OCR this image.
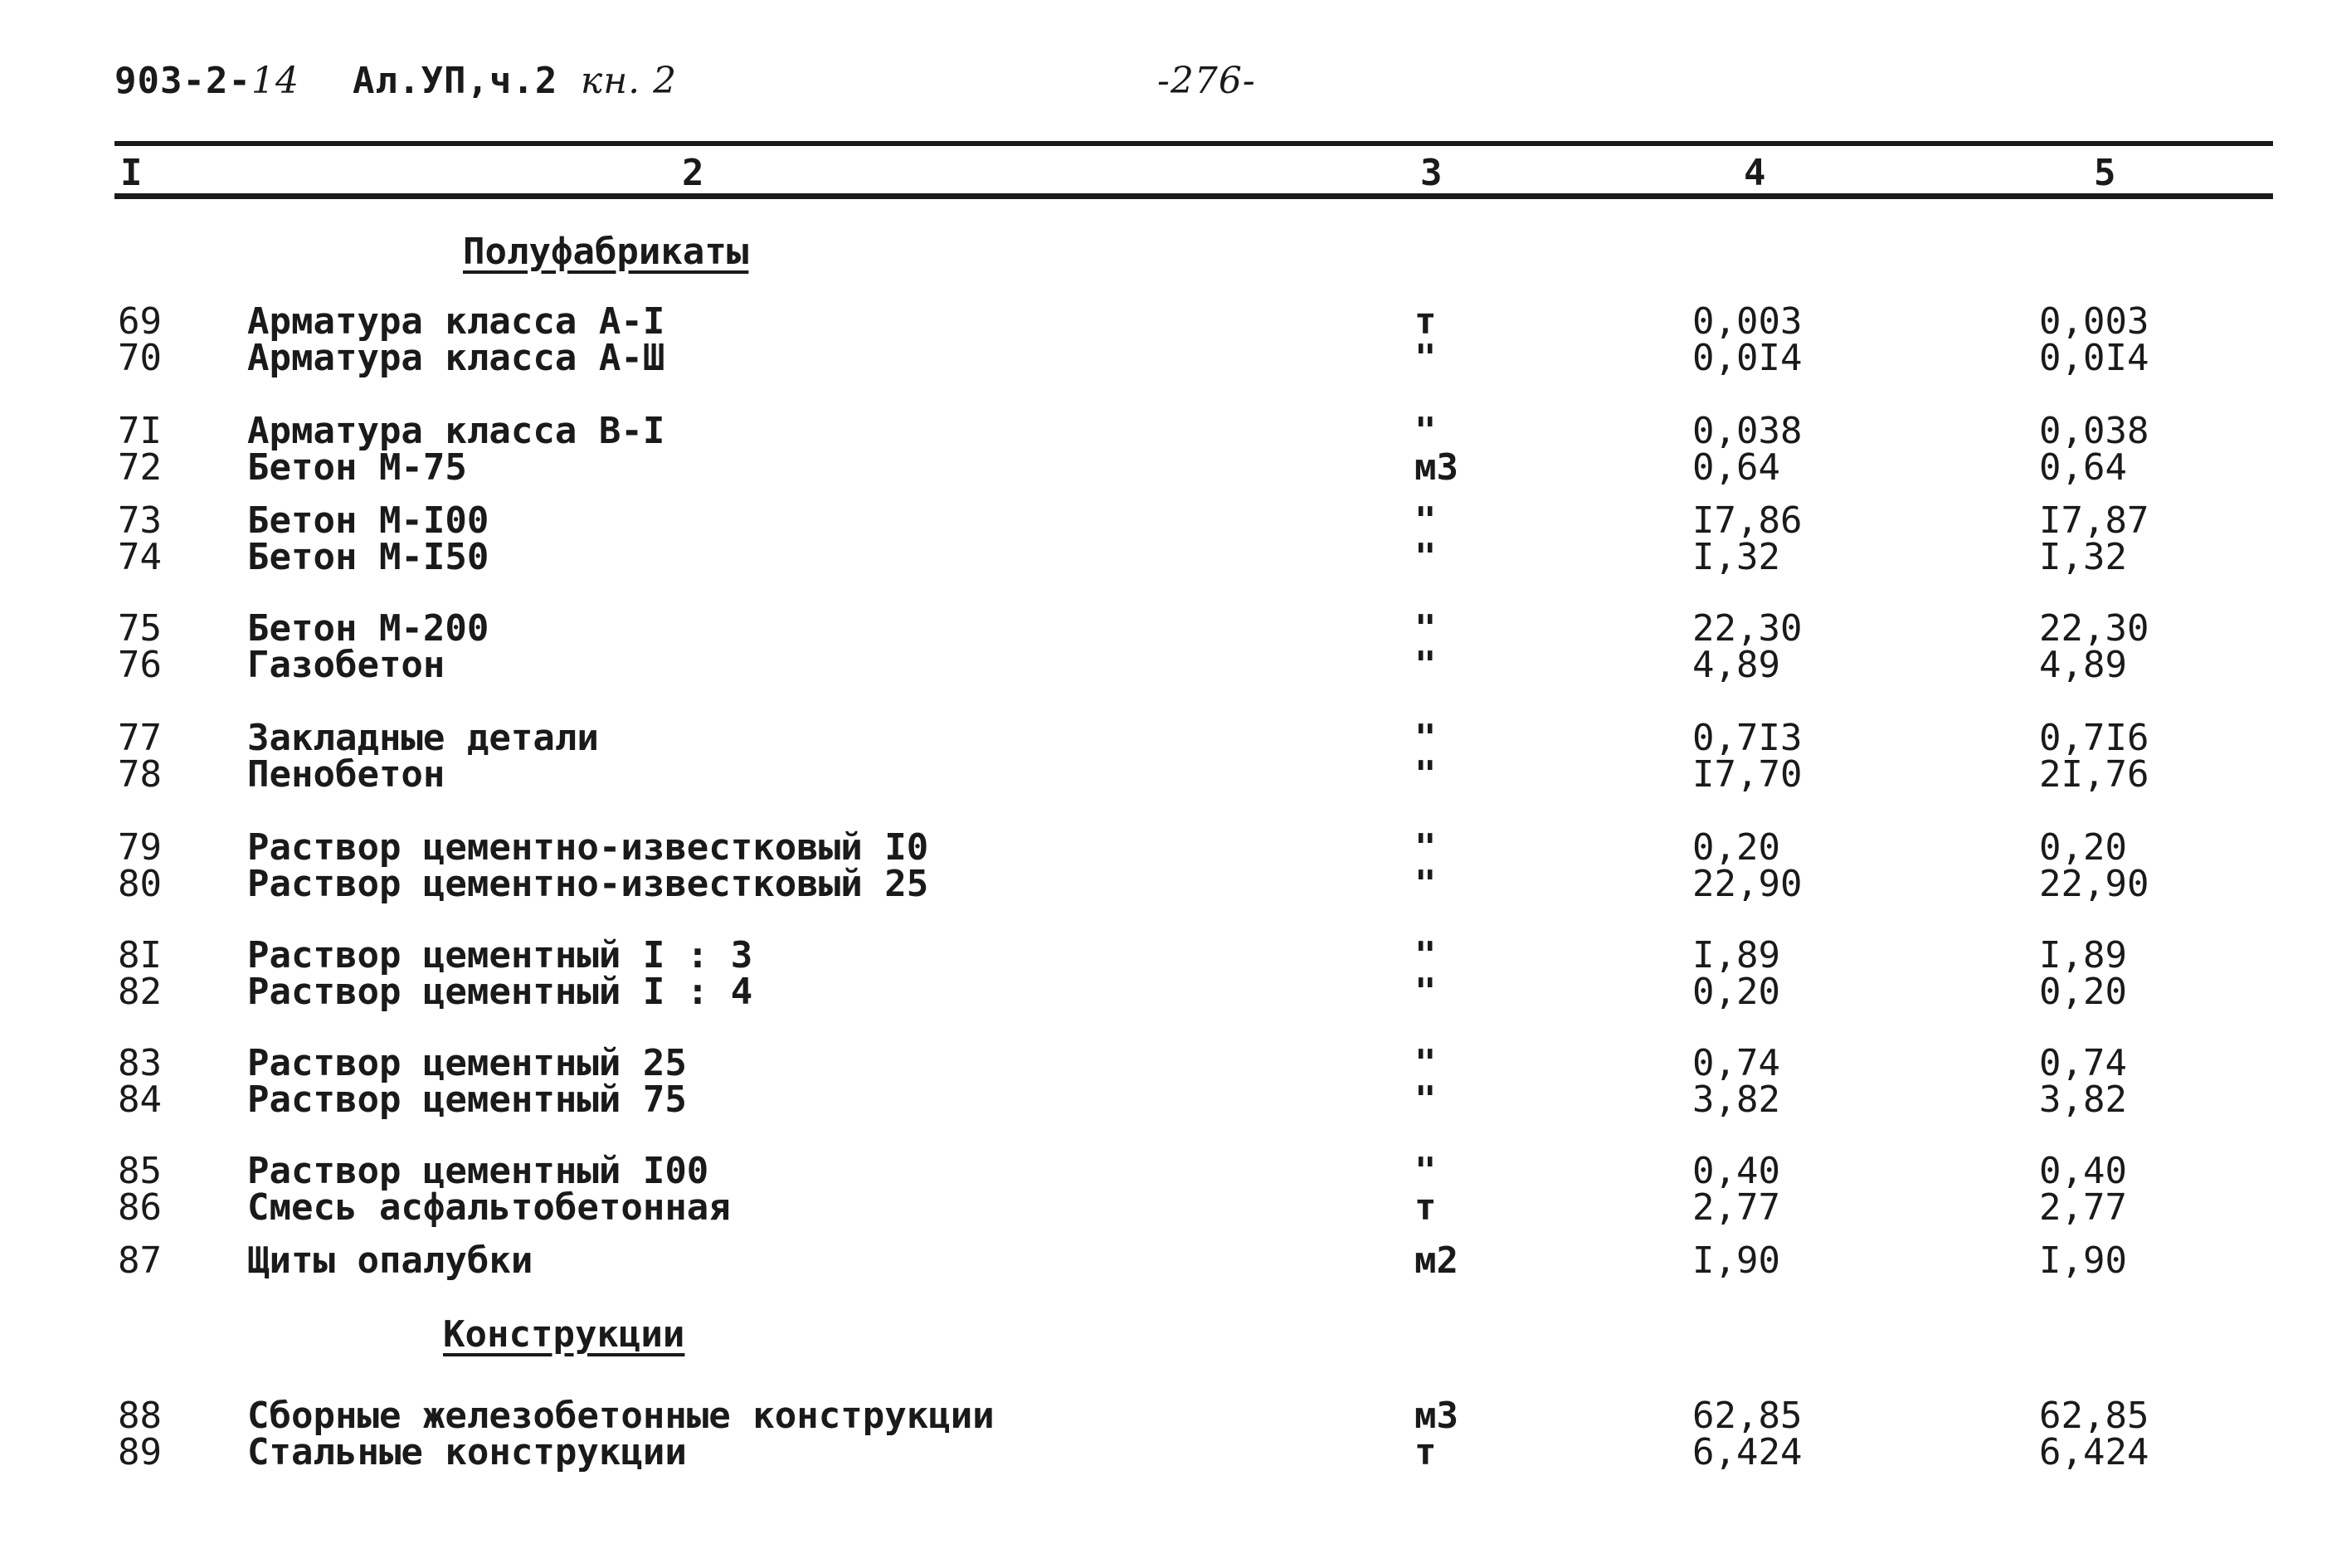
903-2-14 Ал.УП,ч.2 кн. 2	-276-
I	2	3	4	5
Полуфабрикаты
Конструкции
69 Арматура класса А-I	т	0,003	0,003
70 Арматура класса А-Ш	"	0,0I4	0,0I4
7I Арматура класса В-I	"	0,038	0,038
72 Бетон М-75	м3	0,64	0,64
73 Бетон М-I00	"	I7,86	I7,87
74 Бетон М-I50	"	I,32	I,32
75 Бетон М-200	"	22,30	22,30
76 Газобетон	"	4,89	4,89
77 Закладные детали	"	0,7I3	0,7I6
78 Пенобетон	"	I7,70	2I,76
79 Раствор цементно-известковый I0	"	0,20	0,20
80 Раствор цементно-известковый 25	"	22,90	22,90
8I Раствор цементный I : 3	"	I,89	I,89
82 Раствор цементный I : 4	"	0,20	0,20
83 Раствор цементный 25	"	0,74	0,74
84 Раствор цементный 75	"	3,82	3,82
85 Раствор цементный I00	"	0,40	0,40
86 Смесь асфальтобетонная	т	2,77	2,77
87 Щиты опалубки	м2	I,90	I,90
88 Сборные железобетонные конструкции	м3	62,85	62,85
89 Стальные конструкции	т	6,424	6,424
